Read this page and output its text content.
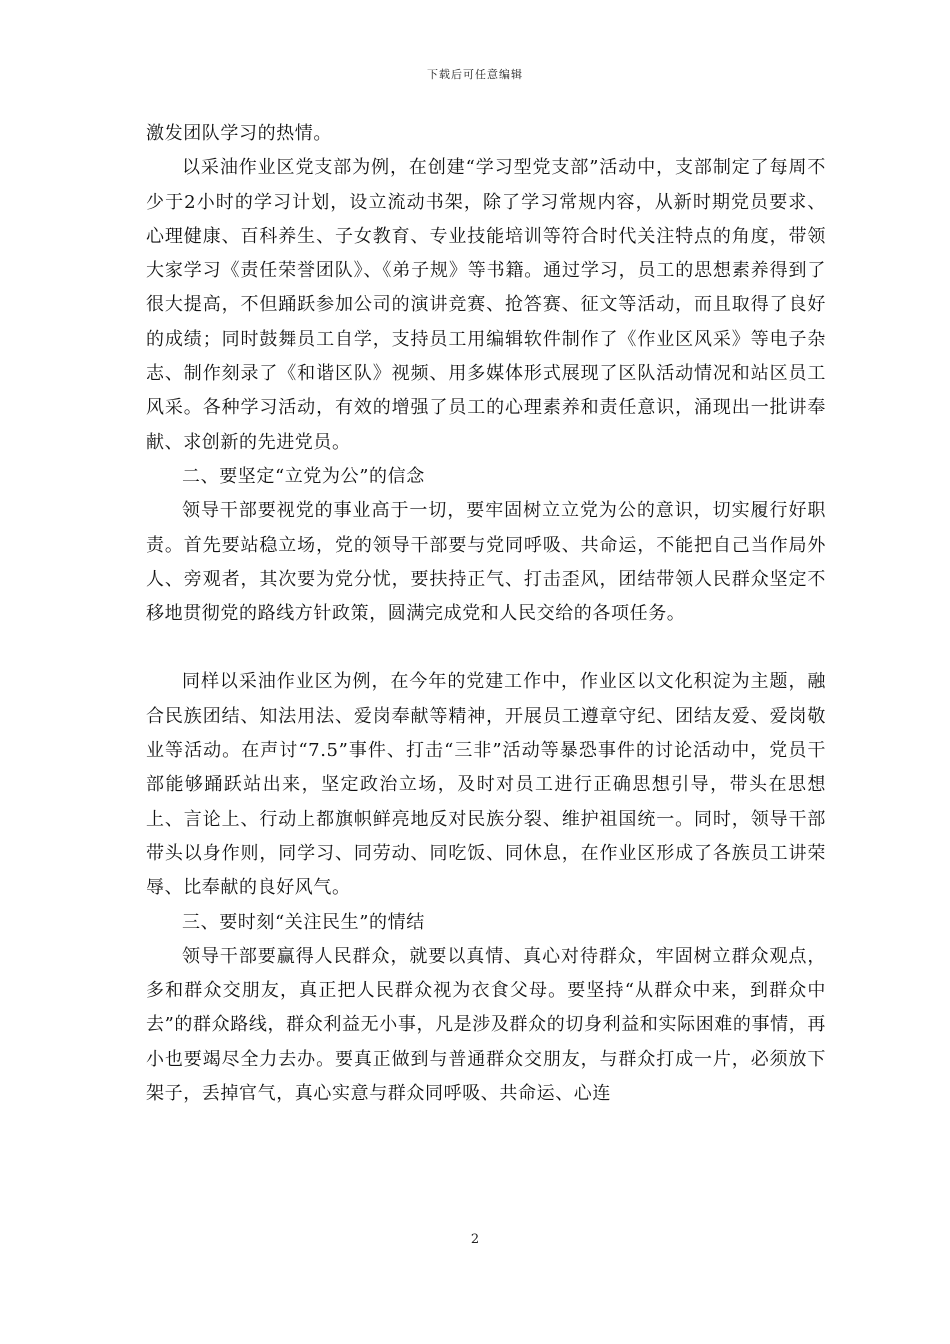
下载后可任意编辑

激发团队学习的热情。

以采油作业区党支部为例，在创建“学习型党支部”活动中，支部制定了每周不少于2小时的学习计划，设立流动书架，除了学习常规内容，从新时期党员要求、心理健康、百科养生、子女教育、专业技能培训等符合时代关注特点的角度，带领大家学习《责任荣誉团队》、《弟子规》等书籍。通过学习，员工的思想素养得到了很大提高，不但踊跃参加公司的演讲竞赛、抢答赛、征文等活动，而且取得了良好的成绩；同时鼓舞员工自学，支持员工用编辑软件制作了《作业区风采》等电子杂志、制作刻录了《和谐区队》视频、用多媒体形式展现了区队活动情况和站区员工风采。各种学习活动，有效的增强了员工的心理素养和责任意识，涌现出一批讲奉献、求创新的先进党员。

二、要坚定“立党为公”的信念

领导干部要视党的事业高于一切，要牢固树立立党为公的意识，切实履行好职责。首先要站稳立场，党的领导干部要与党同呼吸、共命运，不能把自己当作局外人、旁观者，其次要为党分忧，要扶持正气、打击歪风，团结带领人民群众坚定不移地贯彻党的路线方针政策，圆满完成党和人民交给的各项任务。

同样以采油作业区为例，在今年的党建工作中，作业区以文化积淀为主题，融合民族团结、知法用法、爱岗奉献等精神，开展员工遵章守纪、团结友爱、爱岗敬业等活动。在声讨“7.5”事件、打击“三非”活动等暴恐事件的讨论活动中，党员干部能够踊跃站出来，坚定政治立场，及时对员工进行正确思想引导，带头在思想上、言论上、行动上都旗帜鲜亮地反对民族分裂、维护祖国统一。同时，领导干部带头以身作则，同学习、同劳动、同吃饭、同休息，在作业区形成了各族员工讲荣辱、比奉献的良好风气。

三、要时刻“关注民生”的情结

领导干部要赢得人民群众，就要以真情、真心对待群众，牢固树立群众观点，多和群众交朋友，真正把人民群众视为衣食父母。要坚持“从群众中来，到群众中去”的群众路线，群众利益无小事，凡是涉及群众的切身利益和实际困难的事情，再小也要竭尽全力去办。要真正做到与普通群众交朋友，与群众打成一片，必须放下架子，丢掉官气，真心实意与群众同呼吸、共命运、心连

2
